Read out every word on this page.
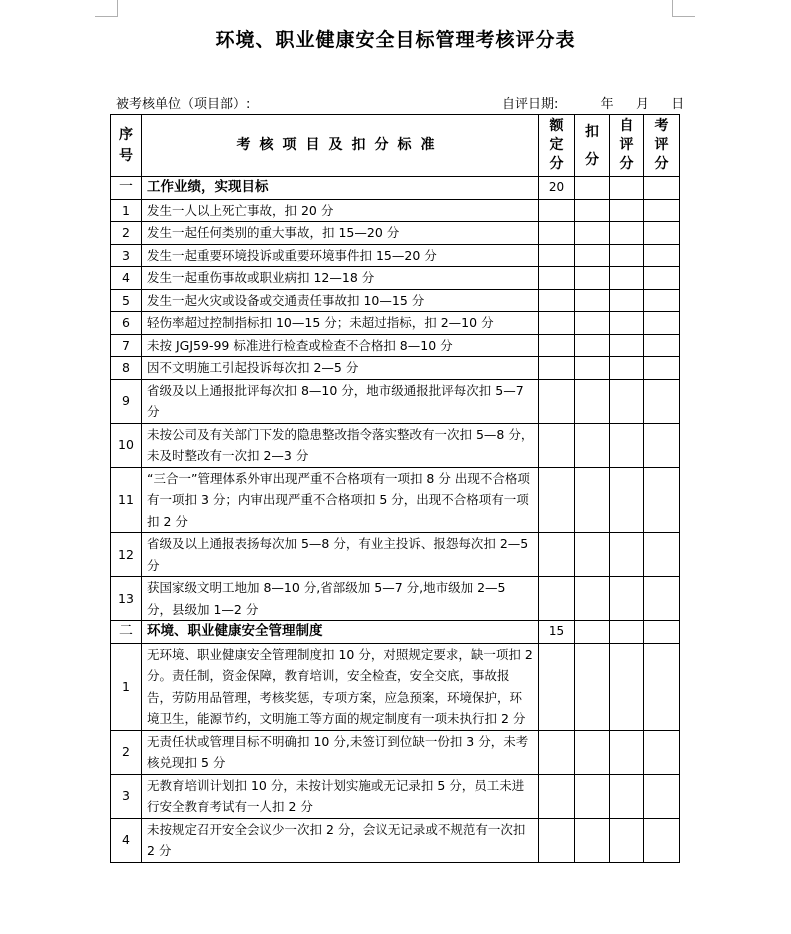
环境、职业健康安全目标管理考核评分表
被考核单位（项目部）:	自评日期:	年 月 日
序号	考核项目及扣分标准	额定分	扣分	自评分	考评分
一	工作业绩，实现目标	20			
1	发生一人以上死亡事故，扣 20 分				
2	发生一起任何类别的重大事故，扣 15—20 分				
3	发生一起重要环境投诉或重要环境事件扣 15—20 分				
4	发生一起重伤事故或职业病扣 12—18 分				
5	发生一起火灾或设备或交通责任事故扣 10—15 分				
6	轻伤率超过控制指标扣 10—15 分；未超过指标，扣 2—10 分				
7	未按 JGJ59-99 标准进行检查或检查不合格扣 8—10 分				
8	因不文明施工引起投诉每次扣 2—5 分				
9	省级及以上通报批评每次扣 8—10 分，地市级通报批评每次扣 5—7 分				
10	未按公司及有关部门下发的隐患整改指令落实整改有一次扣 5—8 分，未及时整改有一次扣 2—3 分				
11	“三合一”管理体系外审出现严重不合格项有一项扣 8 分 出现不合格项有一项扣 3 分；内审出现严重不合格项扣 5 分，出现不合格项有一项扣 2 分				
12	省级及以上通报表扬每次加 5—8 分，有业主投诉、报怨每次扣 2—5 分				
13	获国家级文明工地加 8—10 分,省部级加 5—7 分,地市级加 2—5 分，县级加 1—2 分				
二	环境、职业健康安全管理制度	15			
1	无环境、职业健康安全管理制度扣 10 分，对照规定要求，缺一项扣 2 分。责任制，资金保障，教育培训，安全检查，安全交底，事故报告，劳防用品管理，考核奖惩，专项方案，应急预案，环境保护，环境卫生，能源节约，文明施工等方面的规定制度有一项未执行扣 2 分				
2	无责任状或管理目标不明确扣 10 分,未签订到位缺一份扣 3 分，未考核兑现扣 5 分				
3	无教育培训计划扣 10 分，未按计划实施或无记录扣 5 分，员工未进行安全教育考试有一人扣 2 分				
4	未按规定召开安全会议少一次扣 2 分，会议无记录或不规范有一次扣 2 分				
